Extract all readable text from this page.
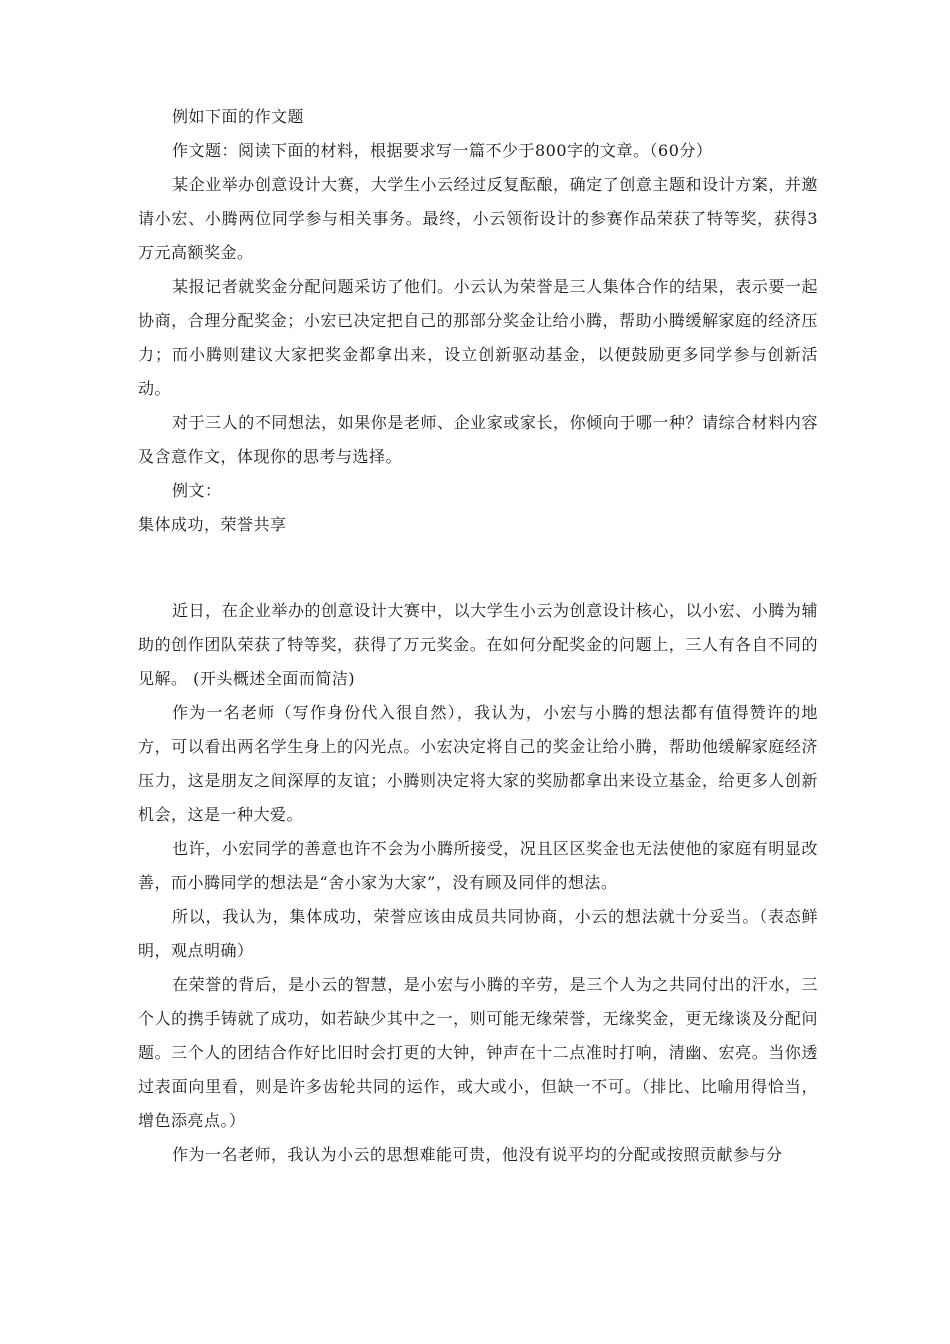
例如下面的作文题

作文题：阅读下面的材料，根据要求写一篇不少于800字的文章。（60分）

某企业举办创意设计大赛，大学生小云经过反复酝酿，确定了创意主题和设计方案，并邀请小宏、小腾两位同学参与相关事务。最终，小云领衔设计的参赛作品荣获了特等奖，获得3万元高额奖金。

某报记者就奖金分配问题采访了他们。小云认为荣誉是三人集体合作的结果，表示要一起协商，合理分配奖金；小宏已决定把自己的那部分奖金让给小腾，帮助小腾缓解家庭的经济压力；而小腾则建议大家把奖金都拿出来，设立创新驱动基金，以便鼓励更多同学参与创新活动。

对于三人的不同想法，如果你是老师、企业家或家长，你倾向于哪一种？请综合材料内容及含意作文，体现你的思考与选择。

例文：

集体成功，荣誉共享

近日，在企业举办的创意设计大赛中，以大学生小云为创意设计核心，以小宏、小腾为辅助的创作团队荣获了特等奖，获得了万元奖金。在如何分配奖金的问题上，三人有各自不同的见解。 (开头概述全面而简洁)

作为一名老师（写作身份代入很自然），我认为，小宏与小腾的想法都有值得赞许的地方，可以看出两名学生身上的闪光点。小宏决定将自己的奖金让给小腾，帮助他缓解家庭经济压力，这是朋友之间深厚的友谊；小腾则决定将大家的奖励都拿出来设立基金，给更多人创新机会，这是一种大爱。

也许，小宏同学的善意也许不会为小腾所接受，况且区区奖金也无法使他的家庭有明显改善，而小腾同学的想法是“舍小家为大家”，没有顾及同伴的想法。

所以，我认为，集体成功，荣誉应该由成员共同协商，小云的想法就十分妥当。（表态鲜明，观点明确）

在荣誉的背后，是小云的智慧，是小宏与小腾的辛劳，是三个人为之共同付出的汗水，三个人的携手铸就了成功，如若缺少其中之一，则可能无缘荣誉，无缘奖金，更无缘谈及分配问题。三个人的团结合作好比旧时会打更的大钟，钟声在十二点准时打响，清幽、宏亮。当你透过表面向里看，则是许多齿轮共同的运作，或大或小，但缺一不可。（排比、比喻用得恰当，增色添亮点。）

作为一名老师，我认为小云的思想难能可贵，他没有说平均的分配或按照贡献参与分
